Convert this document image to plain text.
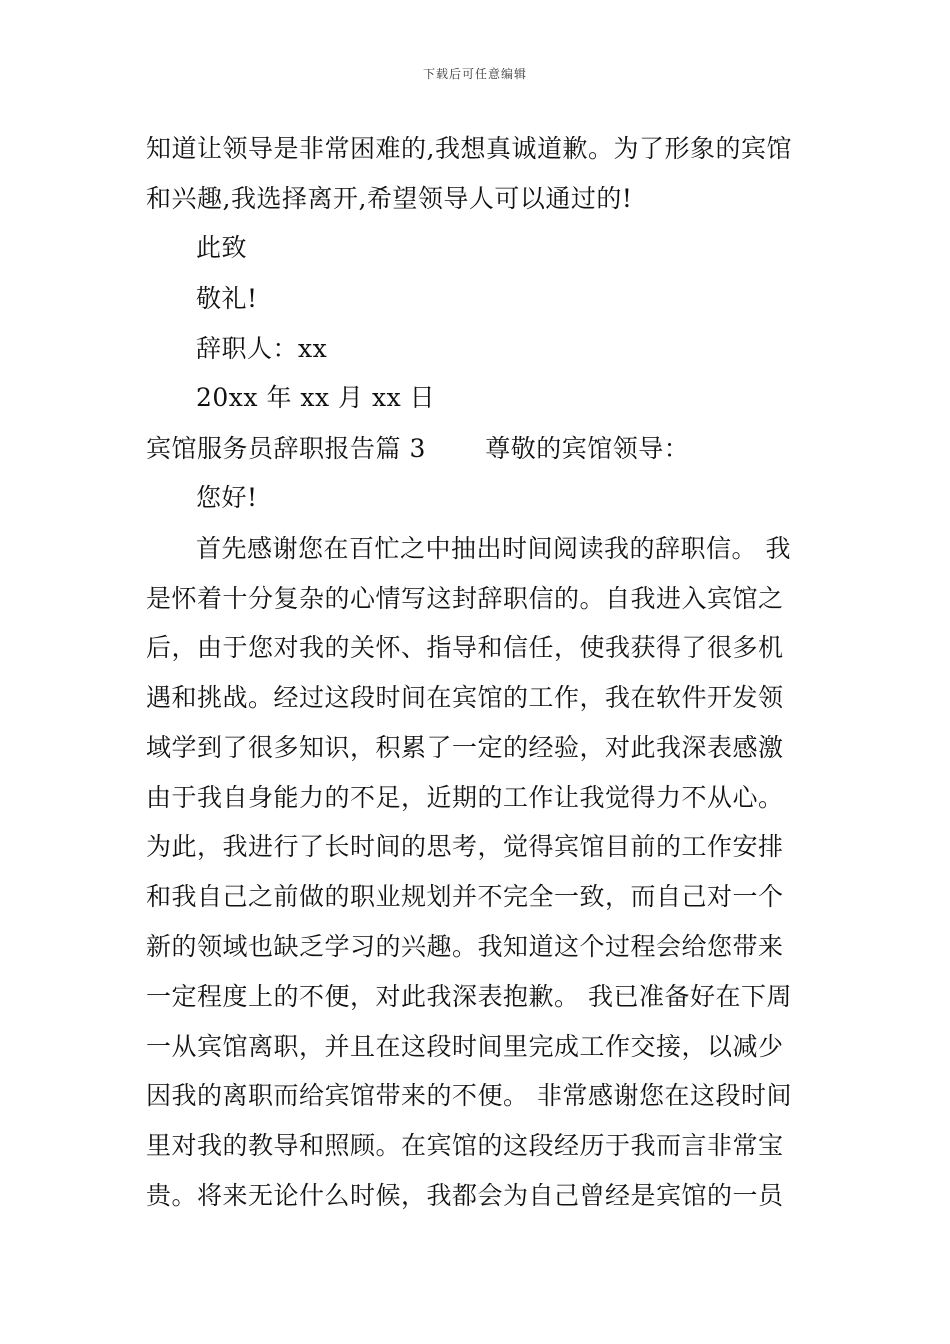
下载后可任意编辑
知道让领导是非常困难的,我想真诚道歉。为了形象的宾馆
和兴趣,我选择离开,希望领导人可以通过的!
此致
敬礼!
辞职人：xx
20xx 年 xx 月 xx 日
宾馆服务员辞职报告篇 3　　 尊敬的宾馆领导：
您好!
首先感谢您在百忙之中抽出时间阅读我的辞职信。 我
是怀着十分复杂的心情写这封辞职信的。自我进入宾馆之
后，由于您对我的关怀、指导和信任，使我获得了很多机
遇和挑战。经过这段时间在宾馆的工作，我在软件开发领
域学到了很多知识，积累了一定的经验，对此我深表感激
由于我自身能力的不足，近期的工作让我觉得力不从心。
为此，我进行了长时间的思考，觉得宾馆目前的工作安排
和我自己之前做的职业规划并不完全一致，而自己对一个
新的领域也缺乏学习的兴趣。我知道这个过程会给您带来
一定程度上的不便，对此我深表抱歉。 我已准备好在下周
一从宾馆离职，并且在这段时间里完成工作交接，以减少
因我的离职而给宾馆带来的不便。 非常感谢您在这段时间
里对我的教导和照顾。在宾馆的这段经历于我而言非常宝
贵。将来无论什么时候，我都会为自己曾经是宾馆的一员
